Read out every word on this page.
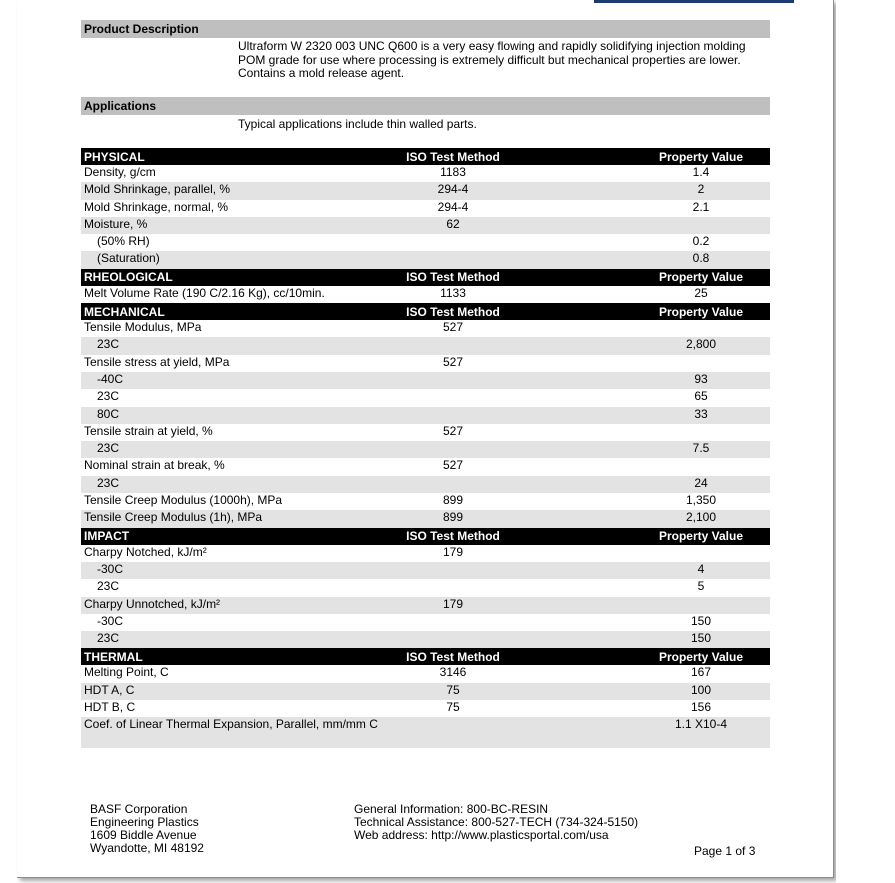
Product Description
Ultraform W 2320 003 UNC Q600 is a very easy flowing and rapidly solidifying injection molding POM grade for use where processing is extremely difficult but mechanical properties are lower. Contains a mold release agent.
Applications
Typical applications include thin walled parts.
PHYSICAL	ISO Test Method	Property Value
Density, g/cm	1183	1.4
Mold Shrinkage, parallel, %	294-4	2
Mold Shrinkage, normal, %	294-4	2.1
Moisture, %	62	
(50% RH)		0.2
(Saturation)		0.8
RHEOLOGICAL	ISO Test Method	Property Value
Melt Volume Rate (190 C/2.16 Kg), cc/10min.	1133	25
MECHANICAL	ISO Test Method	Property Value
Tensile Modulus, MPa	527	
23C		2,800
Tensile stress at yield, MPa	527	
-40C		93
23C		65
80C		33
Tensile strain at yield, %	527	
23C		7.5
Nominal strain at break, %	527	
23C		24
Tensile Creep Modulus (1000h), MPa	899	1,350
Tensile Creep Modulus (1h), MPa	899	2,100
IMPACT	ISO Test Method	Property Value
Charpy Notched, kJ/m²	179	
-30C		4
23C		5
Charpy Unnotched, kJ/m²	179	
-30C		150
23C		150
THERMAL	ISO Test Method	Property Value
Melting Point, C	3146	167
HDT A, C	75	100
HDT B, C	75	156
Coef. of Linear Thermal Expansion, Parallel, mm/mm C		1.1 X10-4
BASF Corporation
Engineering Plastics
1609 Biddle Avenue
Wyandotte, MI 48192
General Information: 800-BC-RESIN
Technical Assistance: 800-527-TECH (734-324-5150)
Web address: http://www.plasticsportal.com/usa
Page 1 of 3
